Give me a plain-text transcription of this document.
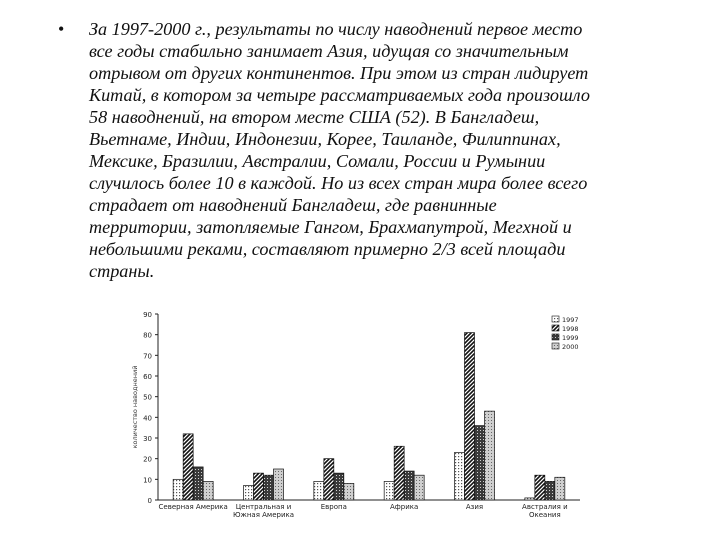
• За 1997-2000 г., результаты по числу наводнений первое место
все годы стабильно занимает Азия, идущая со значительным
отрывом от других континентов. При этом из стран лидирует
Китай, в котором за четыре рассматриваемых года произошло
58 наводнений, на втором месте США (52). В Бангладеш,
Вьетнаме, Индии, Индонезии, Корее, Таиланде, Филиппинах,
Мексике, Бразилии, Австралии, Сомали, России и Румынии
случилось более 10 в каждой. Но из всех стран мира более всего
страдает от наводнений Бангладеш, где равнинные
территории, затопляемые Гангом, Брахмапутрой, Мегхной и
небольшими реками, составляют примерно 2/3 всей площади
страны.

0
10
20
30
40
50
60
70
80
90
количество наводнений
Северная Америка Центральная и
Южная Америка
Европа	Африка	Азия	Австралия и
Океания
1997
1998
1999
2000
